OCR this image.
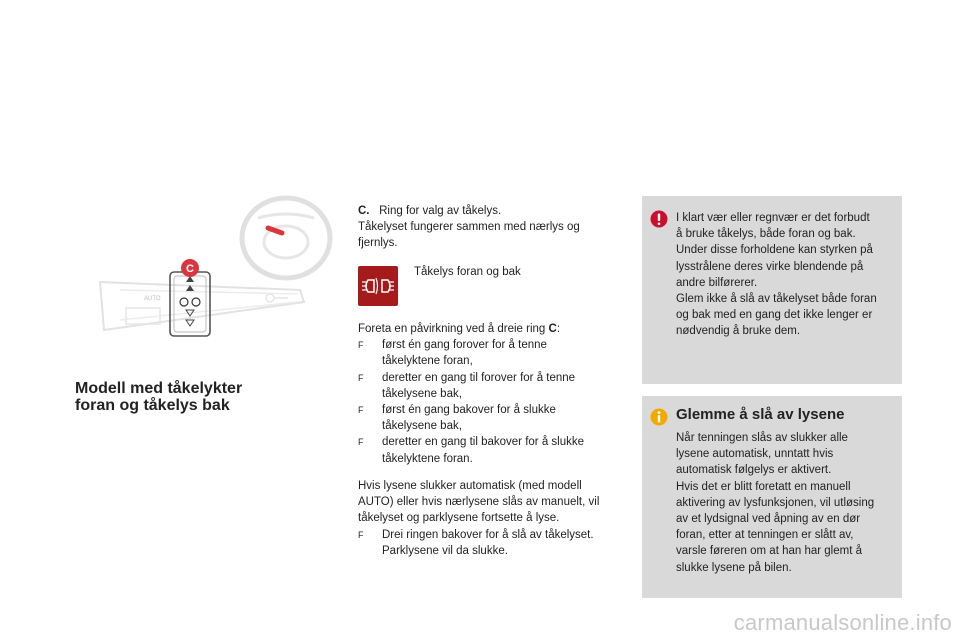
C
AUTO
Modell med tåkelykter
foran og tåkelys bak
C. Ring for valg av tåkelys.
Tåkelyset fungerer sammen med nærlys og
fjernlys.
Tåkelys foran og bak
Foreta en påvirkning ved å dreie ring C:
F først én gang forover for å tenne
tåkelyktene foran,
F deretter en gang til forover for å tenne
tåkelysene bak,
F først én gang bakover for å slukke
tåkelysene bak,
F deretter en gang til bakover for å slukke
tåkelyktene foran.
Hvis lysene slukker automatisk (med modell
AUTO) eller hvis nærlysene slås av manuelt, vil
tåkelyset og parklysene fortsette å lyse.
F Drei ringen bakover for å slå av tåkelyset.
Parklysene vil da slukke.
I klart vær eller regnvær er det forbudt
å bruke tåkelys, både foran og bak.
Under disse forholdene kan styrken på
lysstrålene deres virke blendende på
andre bilførerer.
Glem ikke å slå av tåkelyset både foran
og bak med en gang det ikke lenger er
nødvendig å bruke dem.
Glemme å slå av lysene
Når tenningen slås av slukker alle
lysene automatisk, unntatt hvis
automatisk følgelys er aktivert.
Hvis det er blitt foretatt en manuell
aktivering av lysfunksjonen, vil utløsing
av et lydsignal ved åpning av en dør
foran, etter at tenningen er slått av,
varsle føreren om at han har glemt å
slukke lysene på bilen.
carmanualsonline.info
